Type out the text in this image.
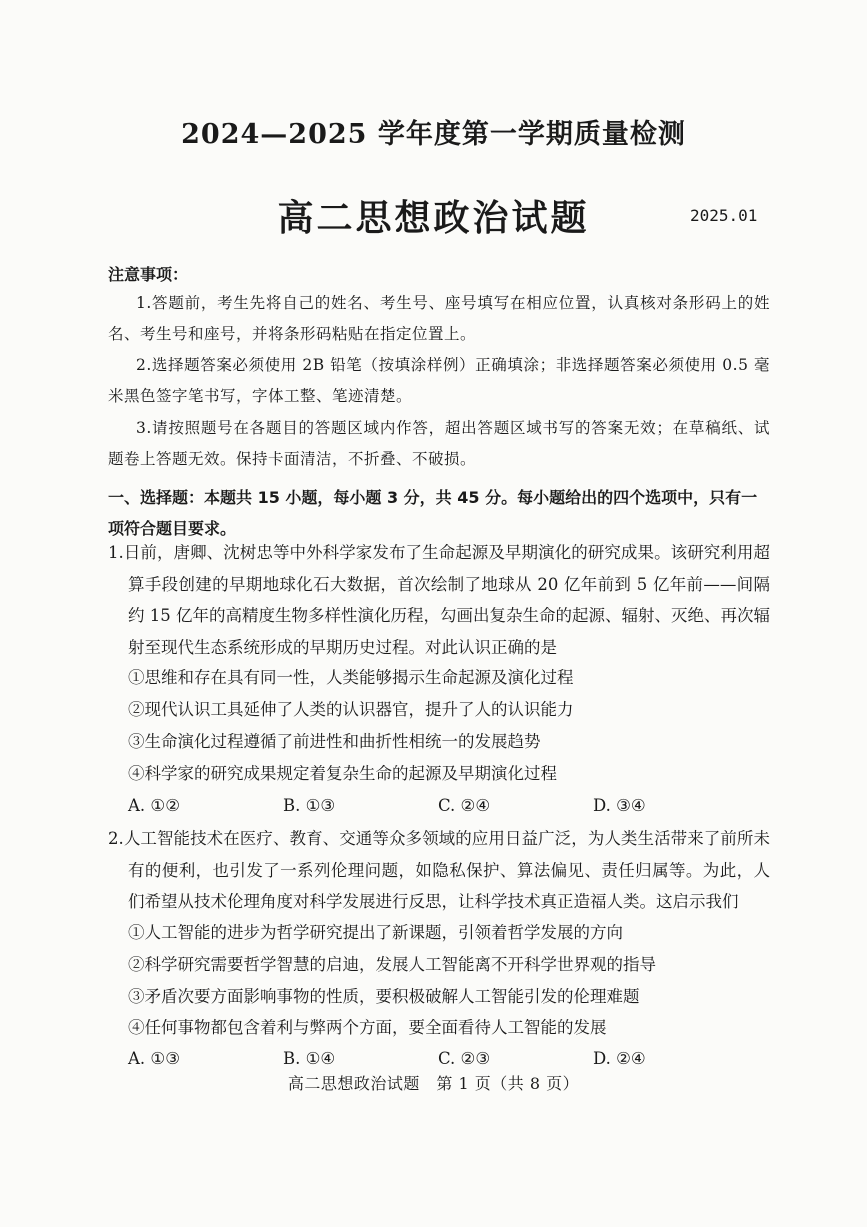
2024—2025 学年度第一学期质量检测
高二思想政治试题	2025.01
注意事项：
1.答题前，考生先将自己的姓名、考生号、座号填写在相应位置，认真核对条形码上的姓名、考生号和座号，并将条形码粘贴在指定位置上。
2.选择题答案必须使用 2B 铅笔（按填涂样例）正确填涂；非选择题答案必须使用 0.5 毫米黑色签字笔书写，字体工整、笔迹清楚。
3.请按照题号在各题目的答题区域内作答，超出答题区域书写的答案无效；在草稿纸、试题卷上答题无效。保持卡面清洁，不折叠、不破损。
一、选择题：本题共 15 小题，每小题 3 分，共 45 分。每小题给出的四个选项中，只有一项符合题目要求。
1.日前，唐卿、沈树忠等中外科学家发布了生命起源及早期演化的研究成果。该研究利用超算手段创建的早期地球化石大数据，首次绘制了地球从 20 亿年前到 5 亿年前——间隔约 15 亿年的高精度生物多样性演化历程，勾画出复杂生命的起源、辐射、灭绝、再次辐射至现代生态系统形成的早期历史过程。对此认识正确的是
①思维和存在具有同一性，人类能够揭示生命起源及演化过程
②现代认识工具延伸了人类的认识器官，提升了人的认识能力
③生命演化过程遵循了前进性和曲折性相统一的发展趋势
④科学家的研究成果规定着复杂生命的起源及早期演化过程
A. ①②	B. ①③	C. ②④	D. ③④
2.人工智能技术在医疗、教育、交通等众多领域的应用日益广泛，为人类生活带来了前所未有的便利，也引发了一系列伦理问题，如隐私保护、算法偏见、责任归属等。为此，人们希望从技术伦理角度对科学发展进行反思，让科学技术真正造福人类。这启示我们
①人工智能的进步为哲学研究提出了新课题，引领着哲学发展的方向
②科学研究需要哲学智慧的启迪，发展人工智能离不开科学世界观的指导
③矛盾次要方面影响事物的性质，要积极破解人工智能引发的伦理难题
④任何事物都包含着利与弊两个方面，要全面看待人工智能的发展
A. ①③	B. ①④	C. ②③	D. ②④
高二思想政治试题　第 1 页（共 8 页）
